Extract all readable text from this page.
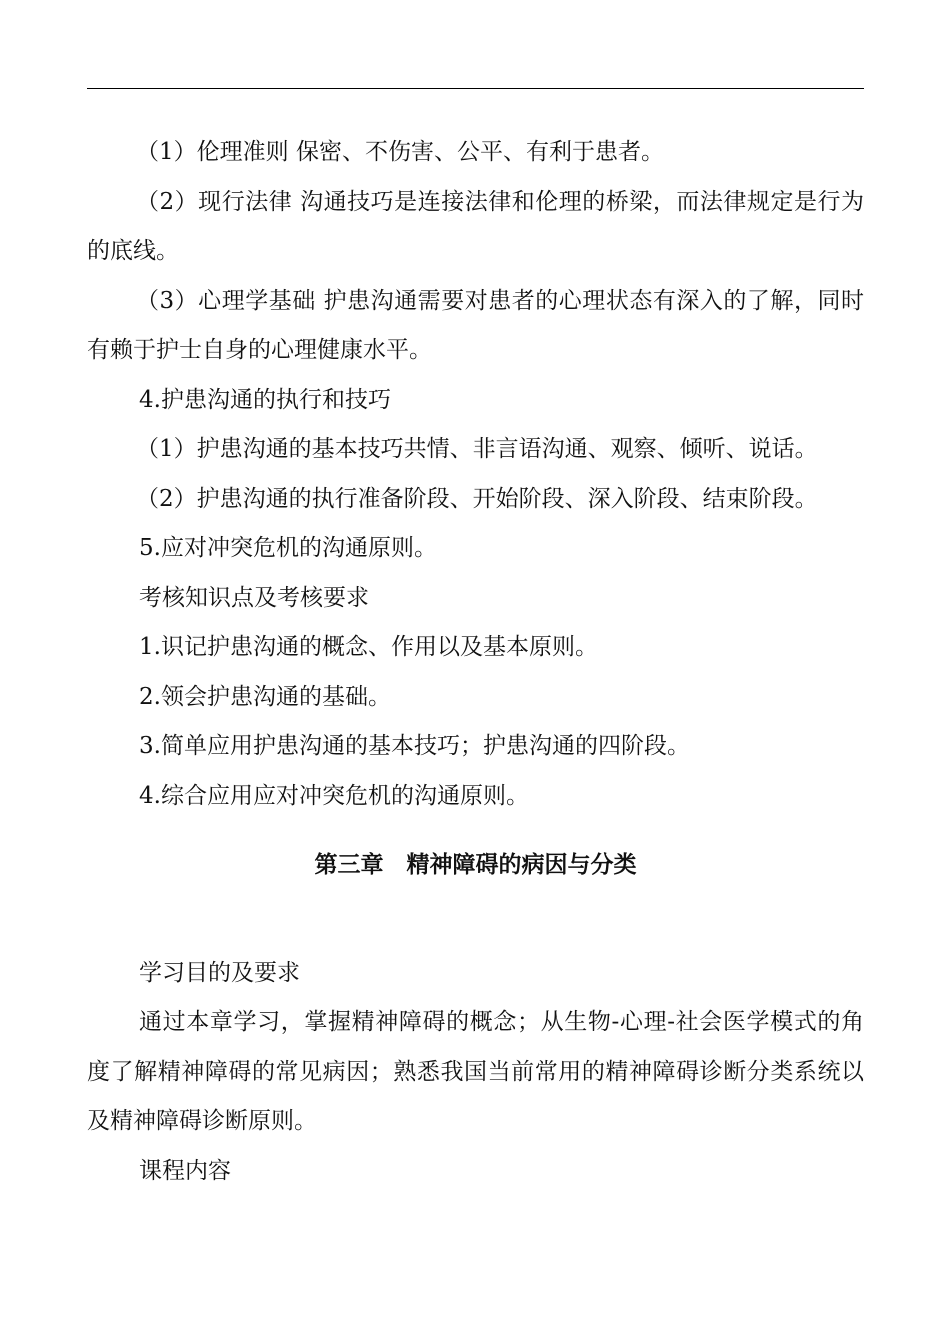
（1）伦理准则 保密、不伤害、公平、有利于患者。

（2）现行法律 沟通技巧是连接法律和伦理的桥梁，而法律规定是行为的底线。

（3）心理学基础 护患沟通需要对患者的心理状态有深入的了解，同时有赖于护士自身的心理健康水平。

4.护患沟通的执行和技巧

（1）护患沟通的基本技巧共情、非言语沟通、观察、倾听、说话。

（2）护患沟通的执行准备阶段、开始阶段、深入阶段、结束阶段。

5.应对冲突危机的沟通原则。

考核知识点及考核要求

1.识记护患沟通的概念、作用以及基本原则。

2.领会护患沟通的基础。

3.简单应用护患沟通的基本技巧；护患沟通的四阶段。

4.综合应用应对冲突危机的沟通原则。

第三章　精神障碍的病因与分类

学习目的及要求

通过本章学习，掌握精神障碍的概念；从生物-心理-社会医学模式的角度了解精神障碍的常见病因；熟悉我国当前常用的精神障碍诊断分类系统以及精神障碍诊断原则。

课程内容
